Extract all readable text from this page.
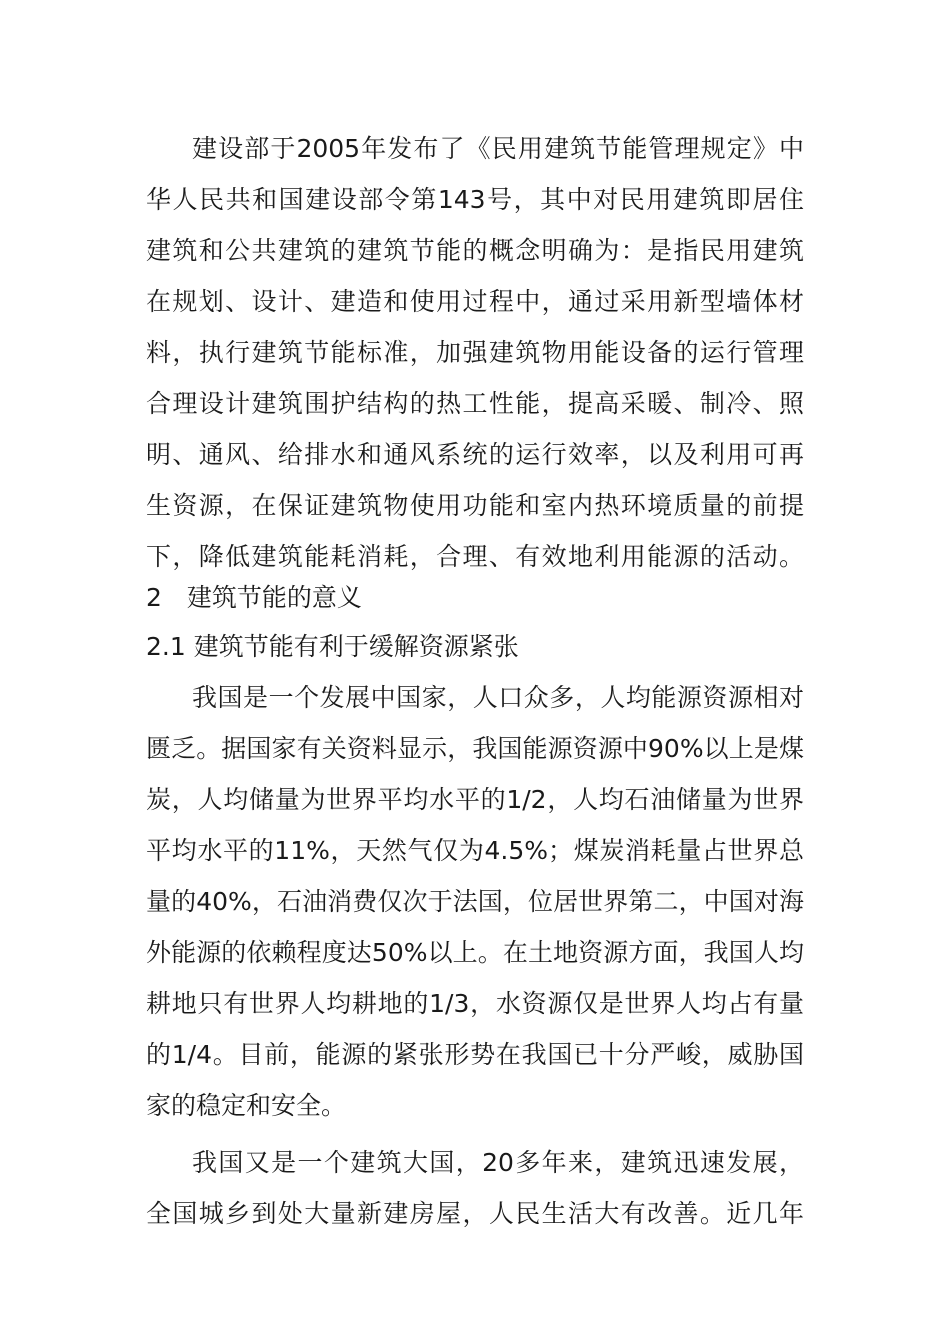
建设部于2005年发布了《民用建筑节能管理规定》中
华人民共和国建设部令第143号，其中对民用建筑即居住
建筑和公共建筑的建筑节能的概念明确为：是指民用建筑
在规划、设计、建造和使用过程中，通过采用新型墙体材
料，执行建筑节能标准，加强建筑物用能设备的运行管理
合理设计建筑围护结构的热工性能，提高采暖、制冷、照
明、通风、给排水和通风系统的运行效率，以及利用可再
生资源，在保证建筑物使用功能和室内热环境质量的前提
下，降低建筑能耗消耗，合理、有效地利用能源的活动。
2　建筑节能的意义
2.1 建筑节能有利于缓解资源紧张
我国是一个发展中国家，人口众多，人均能源资源相对
匮乏。据国家有关资料显示，我国能源资源中90%以上是煤
炭，人均储量为世界平均水平的1/2，人均石油储量为世界
平均水平的11%，天然气仅为4.5%；煤炭消耗量占世界总
量的40%，石油消费仅次于法国，位居世界第二，中国对海
外能源的依赖程度达50%以上。在土地资源方面，我国人均
耕地只有世界人均耕地的1/3，水资源仅是世界人均占有量
的1/4。目前，能源的紧张形势在我国已十分严峻，威胁国
家的稳定和安全。
我国又是一个建筑大国，20多年来，建筑迅速发展，
全国城乡到处大量新建房屋，人民生活大有改善。近几年
